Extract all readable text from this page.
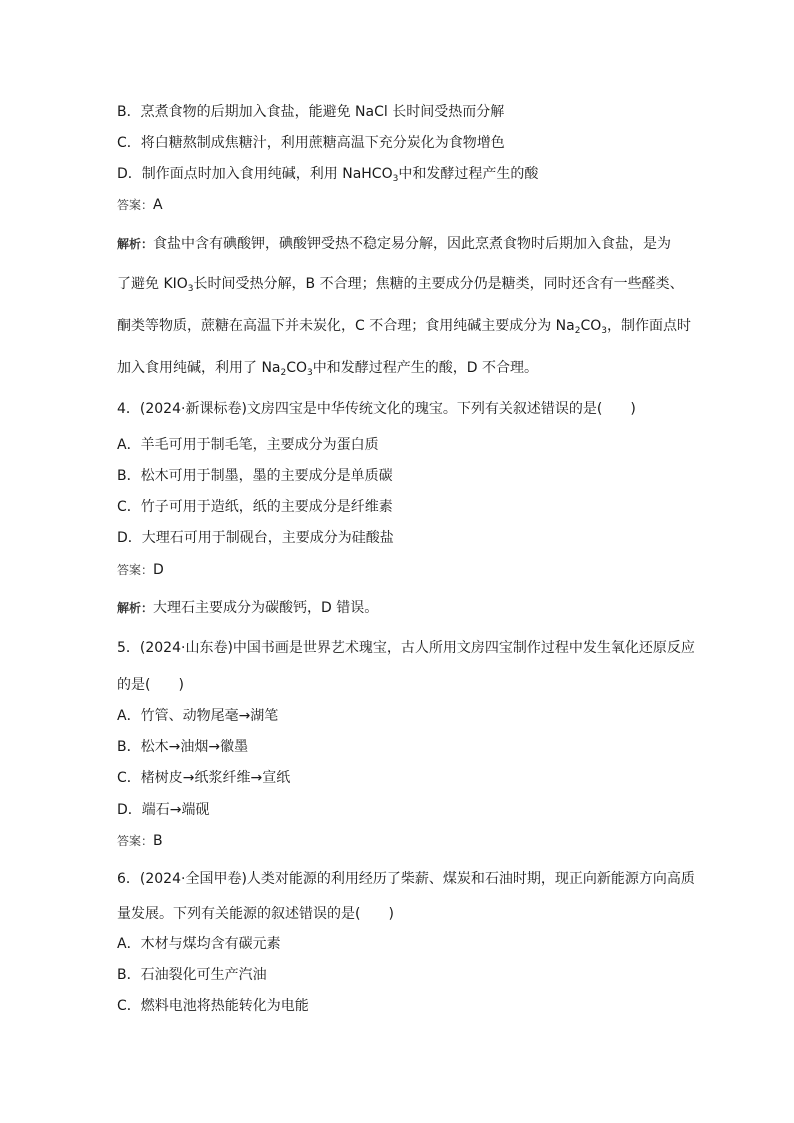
B．烹煮食物的后期加入食盐，能避免 NaCl 长时间受热而分解
C．将白糖熬制成焦糖汁，利用蔗糖高温下充分炭化为食物增色
D．制作面点时加入食用纯碱，利用 NaHCO$_3$中和发酵过程产生的酸
答案：A
解析：食盐中含有碘酸钾，碘酸钾受热不稳定易分解，因此烹煮食物时后期加入食盐，是为
了避免 $KIO_3$长时间受热分解，B 不合理；焦糖的主要成分仍是糖类，同时还含有一些醛类、
酮类等物质，蔗糖在高温下并未炭化，C 不合理；食用纯碱主要成分为 $Na_2CO_3$，制作面点时
加入食用纯碱，利用了 $Na_2CO_3$中和发酵过程产生的酸，D 不合理。
4．(2024·新课标卷)文房四宝是中华传统文化的瑰宝。下列有关叙述错误的是(　　)
A．羊毛可用于制毛笔，主要成分为蛋白质
B．松木可用于制墨，墨的主要成分是单质碳
C．竹子可用于造纸，纸的主要成分是纤维素
D．大理石可用于制砚台，主要成分为硅酸盐
答案：D
解析：大理石主要成分为碳酸钙，D 错误。
5．(2024·山东卷)中国书画是世界艺术瑰宝，古人所用文房四宝制作过程中发生氧化还原反应
的是(　　)
A．竹管、动物尾毫→湖笔
B．松木→油烟→徽墨
C．楮树皮→纸浆纤维→宣纸
D．端石→端砚
答案：B
6．(2024·全国甲卷)人类对能源的利用经历了柴薪、煤炭和石油时期，现正向新能源方向高质
量发展。下列有关能源的叙述错误的是(　　)
A．木材与煤均含有碳元素
B．石油裂化可生产汽油
C．燃料电池将热能转化为电能
